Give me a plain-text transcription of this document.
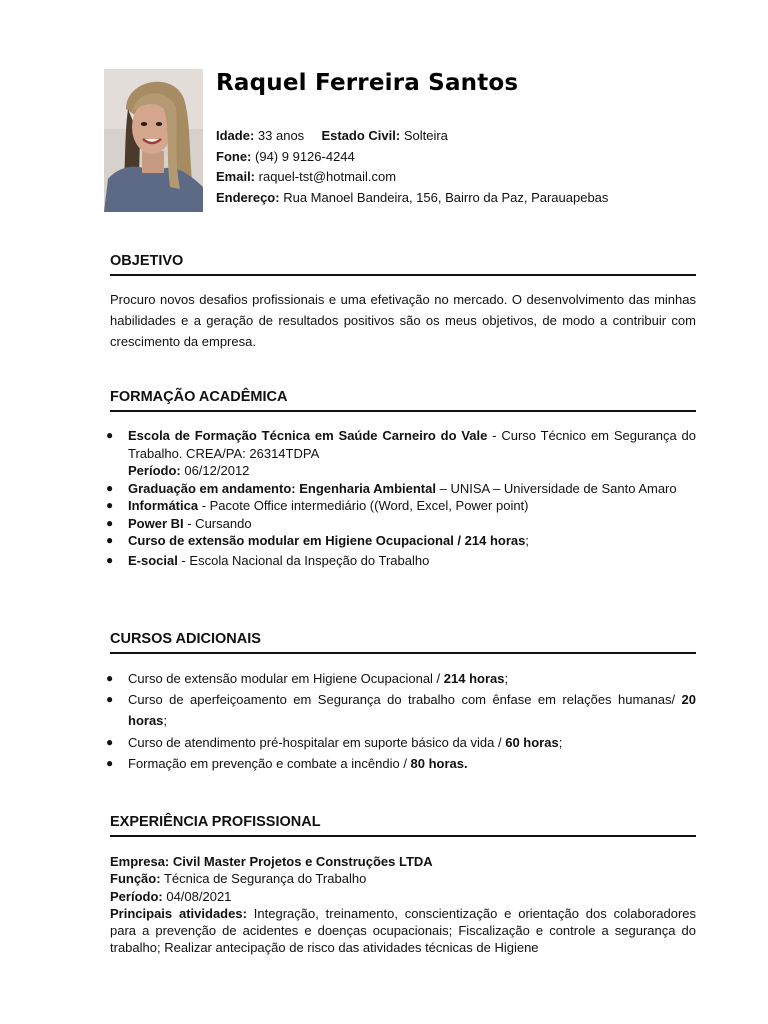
Raquel Ferreira Santos
Idade: 33 anos Estado Civil: Solteira
Fone: (94) 9 9126-4244
Email: raquel-tst@hotmail.com
Endereço: Rua Manoel Bandeira, 156, Bairro da Paz, Parauapebas
OBJETIVO

Procuro novos desafios profissionais e uma efetivação no mercado. O desenvolvimento das minhas habilidades e a geração de resultados positivos são os meus objetivos, de modo a contribuir com crescimento da empresa.

FORMAÇÃO ACADÊMICA
● Escola de Formação Técnica em Saúde Carneiro do Vale - Curso Técnico em Segurança do Trabalho. CREA/PA: 26314TDPA
Período: 06/12/2012
● Graduação em andamento: Engenharia Ambiental – UNISA – Universidade de Santo Amaro
● Informática - Pacote Office intermediário ((Word, Excel, Power point)
● Power BI - Cursando
● Curso de extensão modular em Higiene Ocupacional / 214 horas;
● E-social - Escola Nacional da Inspeção do Trabalho
CURSOS ADICIONAIS
● Curso de extensão modular em Higiene Ocupacional / 214 horas;
● Curso de aperfeiçoamento em Segurança do trabalho com ênfase em relações humanas/ 20 horas;
● Curso de atendimento pré-hospitalar em suporte básico da vida / 60 horas;
● Formação em prevenção e combate a incêndio / 80 horas.
EXPERIÊNCIA PROFISSIONAL

Empresa: Civil Master Projetos e Construções LTDA

Função: Técnica de Segurança do Trabalho

Período: 04/08/2021

Principais atividades: Integração, treinamento, conscientização e orientação dos colaboradores para a prevenção de acidentes e doenças ocupacionais; Fiscalização e controle a segurança do trabalho; Realizar antecipação de risco das atividades técnicas de Higiene
